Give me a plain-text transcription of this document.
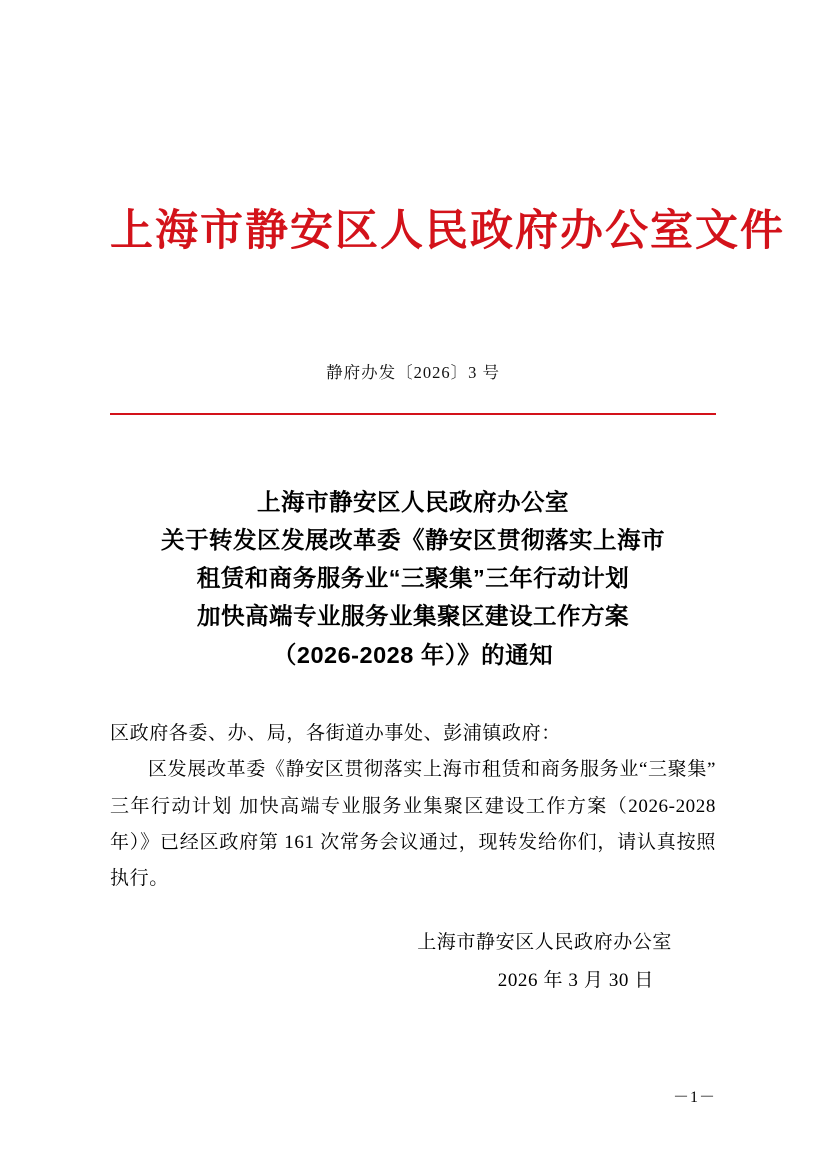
上海市静安区人民政府办公室文件
静府办发〔2026〕3 号
上海市静安区人民政府办公室
关于转发区发展改革委《静安区贯彻落实上海市
租赁和商务服务业“三聚集”三年行动计划
加快高端专业服务业集聚区建设工作方案
（2026-2028 年）》的通知
区政府各委、办、局，各街道办事处、彭浦镇政府：
区发展改革委《静安区贯彻落实上海市租赁和商务服务业“三聚集”三年行动计划 加快高端专业服务业集聚区建设工作方案（2026-2028 年）》已经区政府第 161 次常务会议通过，现转发给你们，请认真按照执行。
上海市静安区人民政府办公室
2026 年 3 月 30 日
－1－
